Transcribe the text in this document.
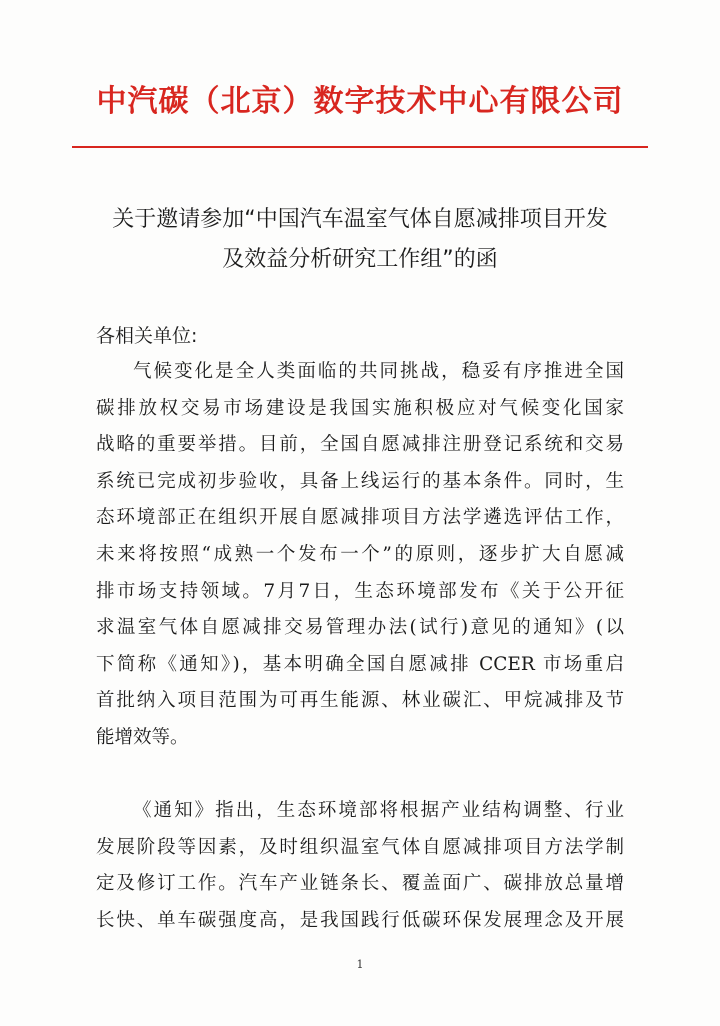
中汽碳（北京）数字技术中心有限公司
关于邀请参加“中国汽车温室气体自愿减排项目开发
及效益分析研究工作组”的函
各相关单位:
气候变化是全人类面临的共同挑战，稳妥有序推进全国
碳排放权交易市场建设是我国实施积极应对气候变化国家
战略的重要举措。目前，全国自愿减排注册登记系统和交易
系统已完成初步验收，具备上线运行的基本条件。同时，生
态环境部正在组织开展自愿减排项目方法学遴选评估工作，
未来将按照“成熟一个发布一个”的原则，逐步扩大自愿减
排市场支持领域。7月7日，生态环境部发布《关于公开征
求温室气体自愿减排交易管理办法(试行)意见的通知》(以
下简称《通知》)，基本明确全国自愿减排 CCER 市场重启
首批纳入项目范围为可再生能源、林业碳汇、甲烷减排及节
能增效等。
《通知》指出，生态环境部将根据产业结构调整、行业
发展阶段等因素，及时组织温室气体自愿减排项目方法学制
定及修订工作。汽车产业链条长、覆盖面广、碳排放总量增
长快、单车碳强度高，是我国践行低碳环保发展理念及开展
1
